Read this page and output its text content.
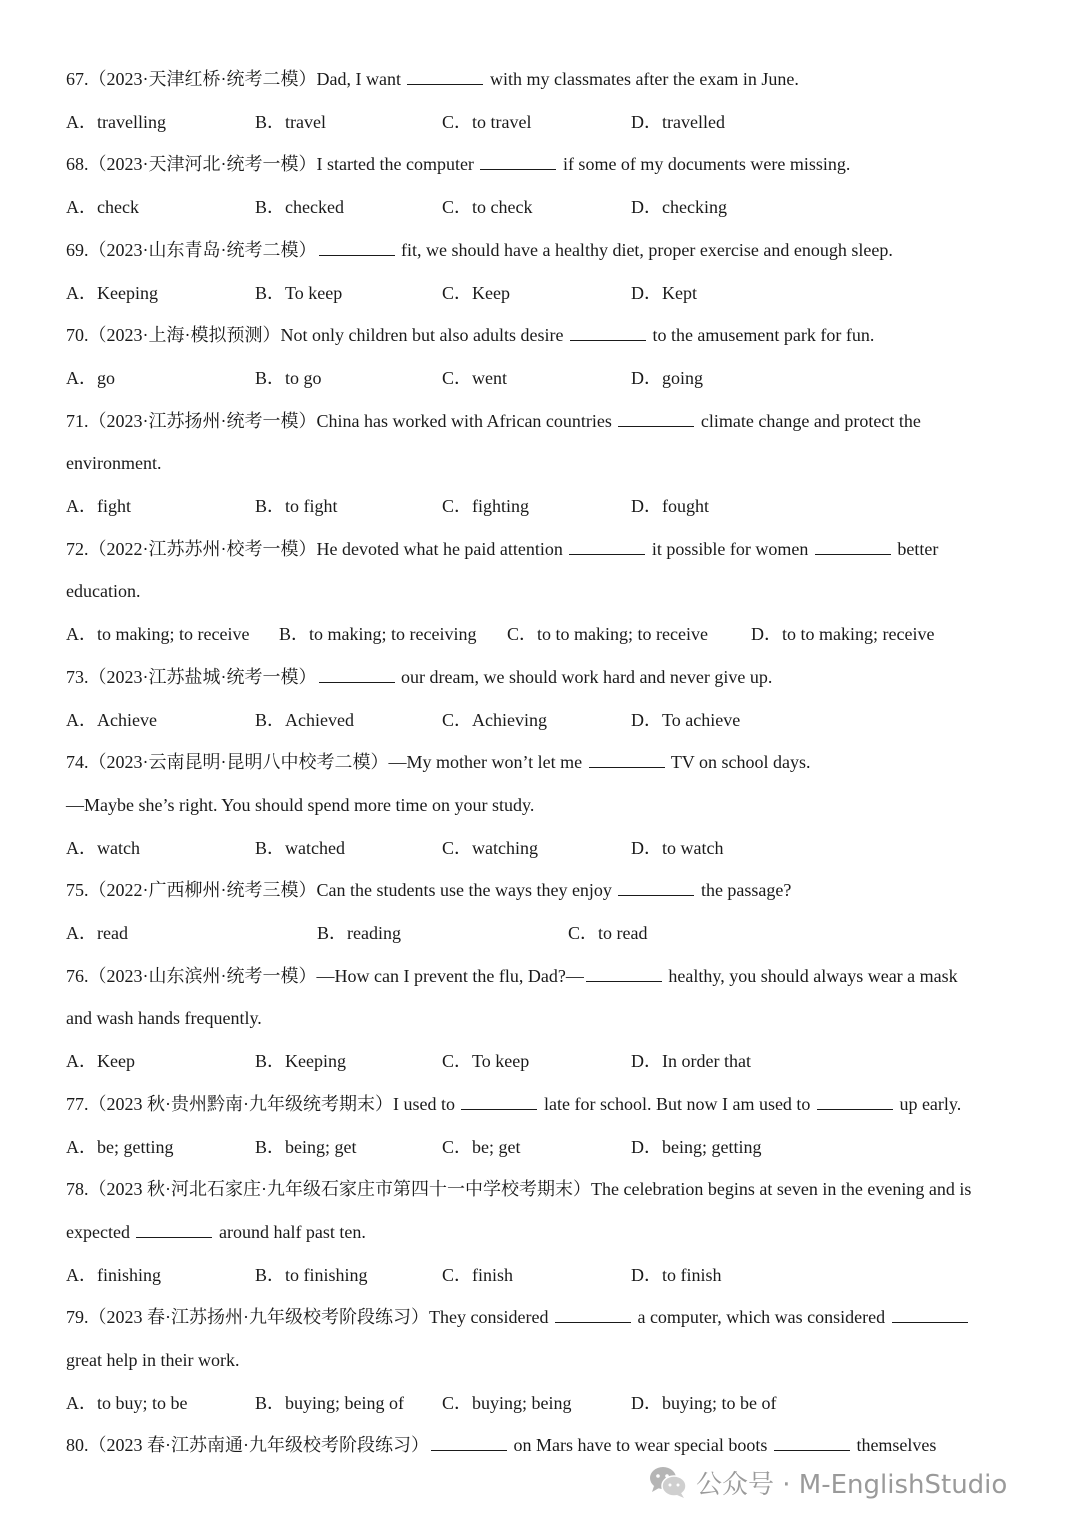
67.（2023·天津红桥·统考二模）Dad, I want	with my classmates after the exam in June.
A．travelling	B．travel	C．to travel	D．travelled
68.（2023·天津河北·统考一模）I started the computer	if some of my documents were missing.
A．check	B．checked	C．to check	D．checking
69.（2023·山东青岛·统考二模）	fit, we should have a healthy diet, proper exercise and enough sleep.
A．Keeping	B．To keep	C．Keep	D．Kept
70.（2023·上海·模拟预测）Not only children but also adults desire	to the amusement park for fun.
A．go	B．to go	C．went	D．going
71.（2023·江苏扬州·统考一模）China has worked with African countries	climate change and protect the
environment.
A．fight	B．to fight	C．fighting	D．fought
72.（2022·江苏苏州·校考一模）He devoted what he paid attention	it possible for women	better
education.
A．to making; to receive B．to making; to receiving C．to to making; to receive D．to to making; receive
73.（2023·江苏盐城·统考一模）	our dream, we should work hard and never give up.
A．Achieve	B．Achieved	C．Achieving	D．To achieve
74.（2023·云南昆明·昆明八中校考二模）—My mother won’t let me	TV on school days.
—Maybe she’s right. You should spend more time on your study.
A．watch	B．watched	C．watching	D．to watch
75.（2022·广西柳州·统考三模）Can the students use the ways they enjoy	the passage?
A．read	B．reading	C．to read
76.（2023·山东滨州·统考一模）—How can I prevent the flu, Dad?—	healthy, you should always wear a mask
and wash hands frequently.
A．Keep	B．Keeping	C．To keep	D．In order that
77.（2023 秋·贵州黔南·九年级统考期末）I used to	late for school. But now I am used to	up early.
A．be; getting	B．being; get	C．be; get	D．being; getting
78.（2023 秋·河北石家庄·九年级石家庄市第四十一中学校考期末）The celebration begins at seven in the evening and is
expected	around half past ten.
A．finishing	B．to finishing	C．finish	D．to finish
79.（2023 春·江苏扬州·九年级校考阶段练习）They considered	a computer, which was considered
great help in their work.
A．to buy; to be	B．buying; being of C．buying; being	D．buying; to be of
80.（2023 春·江苏南通·九年级校考阶段练习）	on Mars have to wear special boots	themselves
公众号 · M-EnglishStudio
